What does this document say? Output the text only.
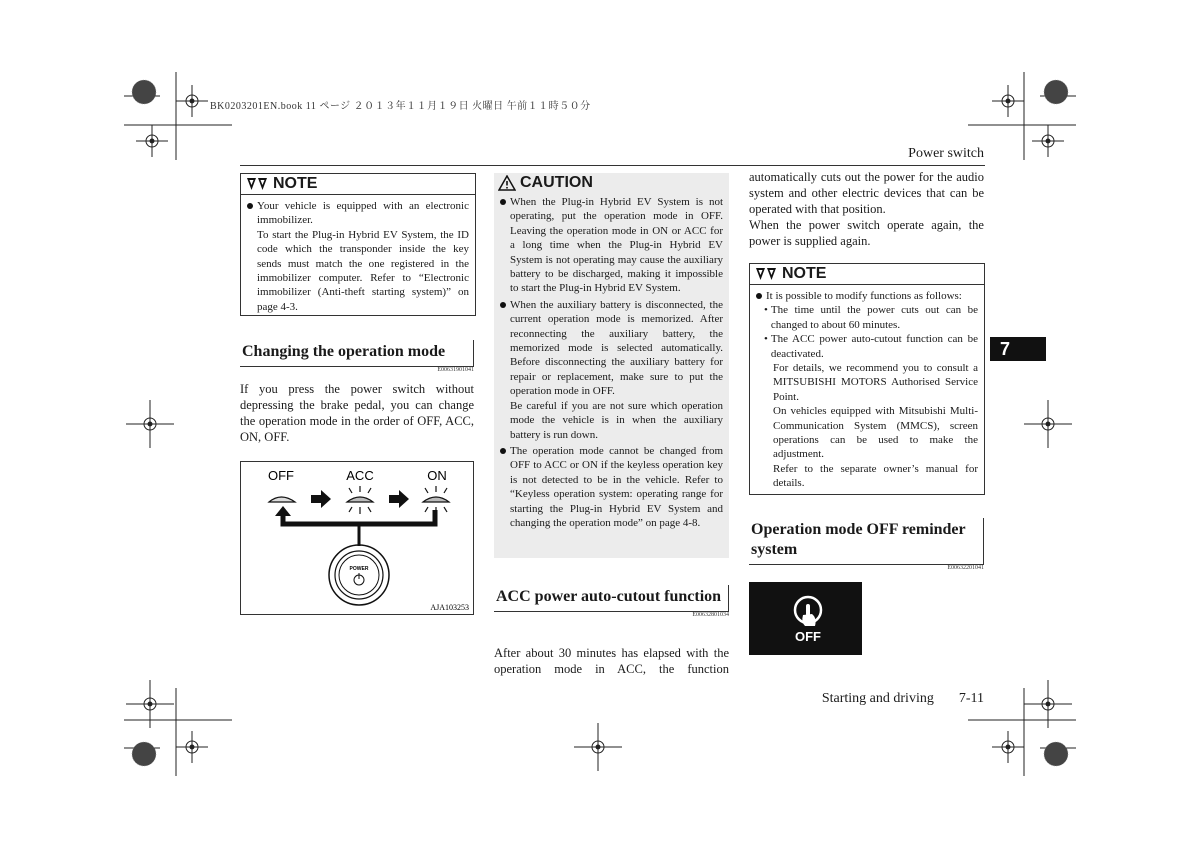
BK0203201EN.book 11 ページ ２０１３年１１月１９日 火曜日 午前１１時５０分
Power switch
7
NOTE

Your vehicle is equipped with an electronic immobilizer.

To start the Plug-in Hybrid EV System, the ID code which the transponder inside the key sends must match the one registered in the immobilizer computer. Refer to “Electronic immobilizer (Anti-theft starting system)” on page 4-3.

Changing the operation mode
E00631901041

If you press the power switch without depressing the brake pedal, you can change the operation mode in the order of OFF, ACC, ON, OFF.

OFF	ACC	ON
POWER
AJA103253
CAUTION

When the Plug-in Hybrid EV System is not operating, put the operation mode in OFF. Leaving the operation mode in ON or ACC for a long time when the Plug-in Hybrid EV System is not operating may cause the auxiliary battery to be discharged, making it impossible to start the Plug-in Hybrid EV System.

When the auxiliary battery is disconnected, the current operation mode is memorized. After reconnecting the auxiliary battery, the memorized mode is selected automatically. Before disconnecting the auxiliary battery for repair or replacement, make sure to put the operation mode in OFF.

Be careful if you are not sure which operation mode the vehicle is in when the auxiliary battery is run down.

The operation mode cannot be changed from OFF to ACC or ON if the keyless operation key is not detected to be in the vehicle. Refer to “Keyless operation system: operating range for starting the Plug-in Hybrid EV System and changing the operation mode” on page 4-8.

ACC power auto-cutout function
E00632801034

After about 30 minutes has elapsed with the operation mode in ACC, the function

automatically cuts out the power for the audio system and other electric devices that can be operated with that position.

When the power switch operate again, the power is supplied again.

NOTE

It is possible to modify functions as follows:

• The time until the power cuts out can be changed to about 60 minutes.

• The ACC power auto-cutout function can be deactivated.

For details, we recommend you to consult a MITSUBISHI MOTORS Authorised Service Point.

On vehicles equipped with Mitsubishi Multi-Communication System (MMCS), screen operations can be used to make the adjustment.

Refer to the separate owner’s manual for details.

Operation mode OFF reminder system
E00632201041
OFF
Starting and driving 7-11
